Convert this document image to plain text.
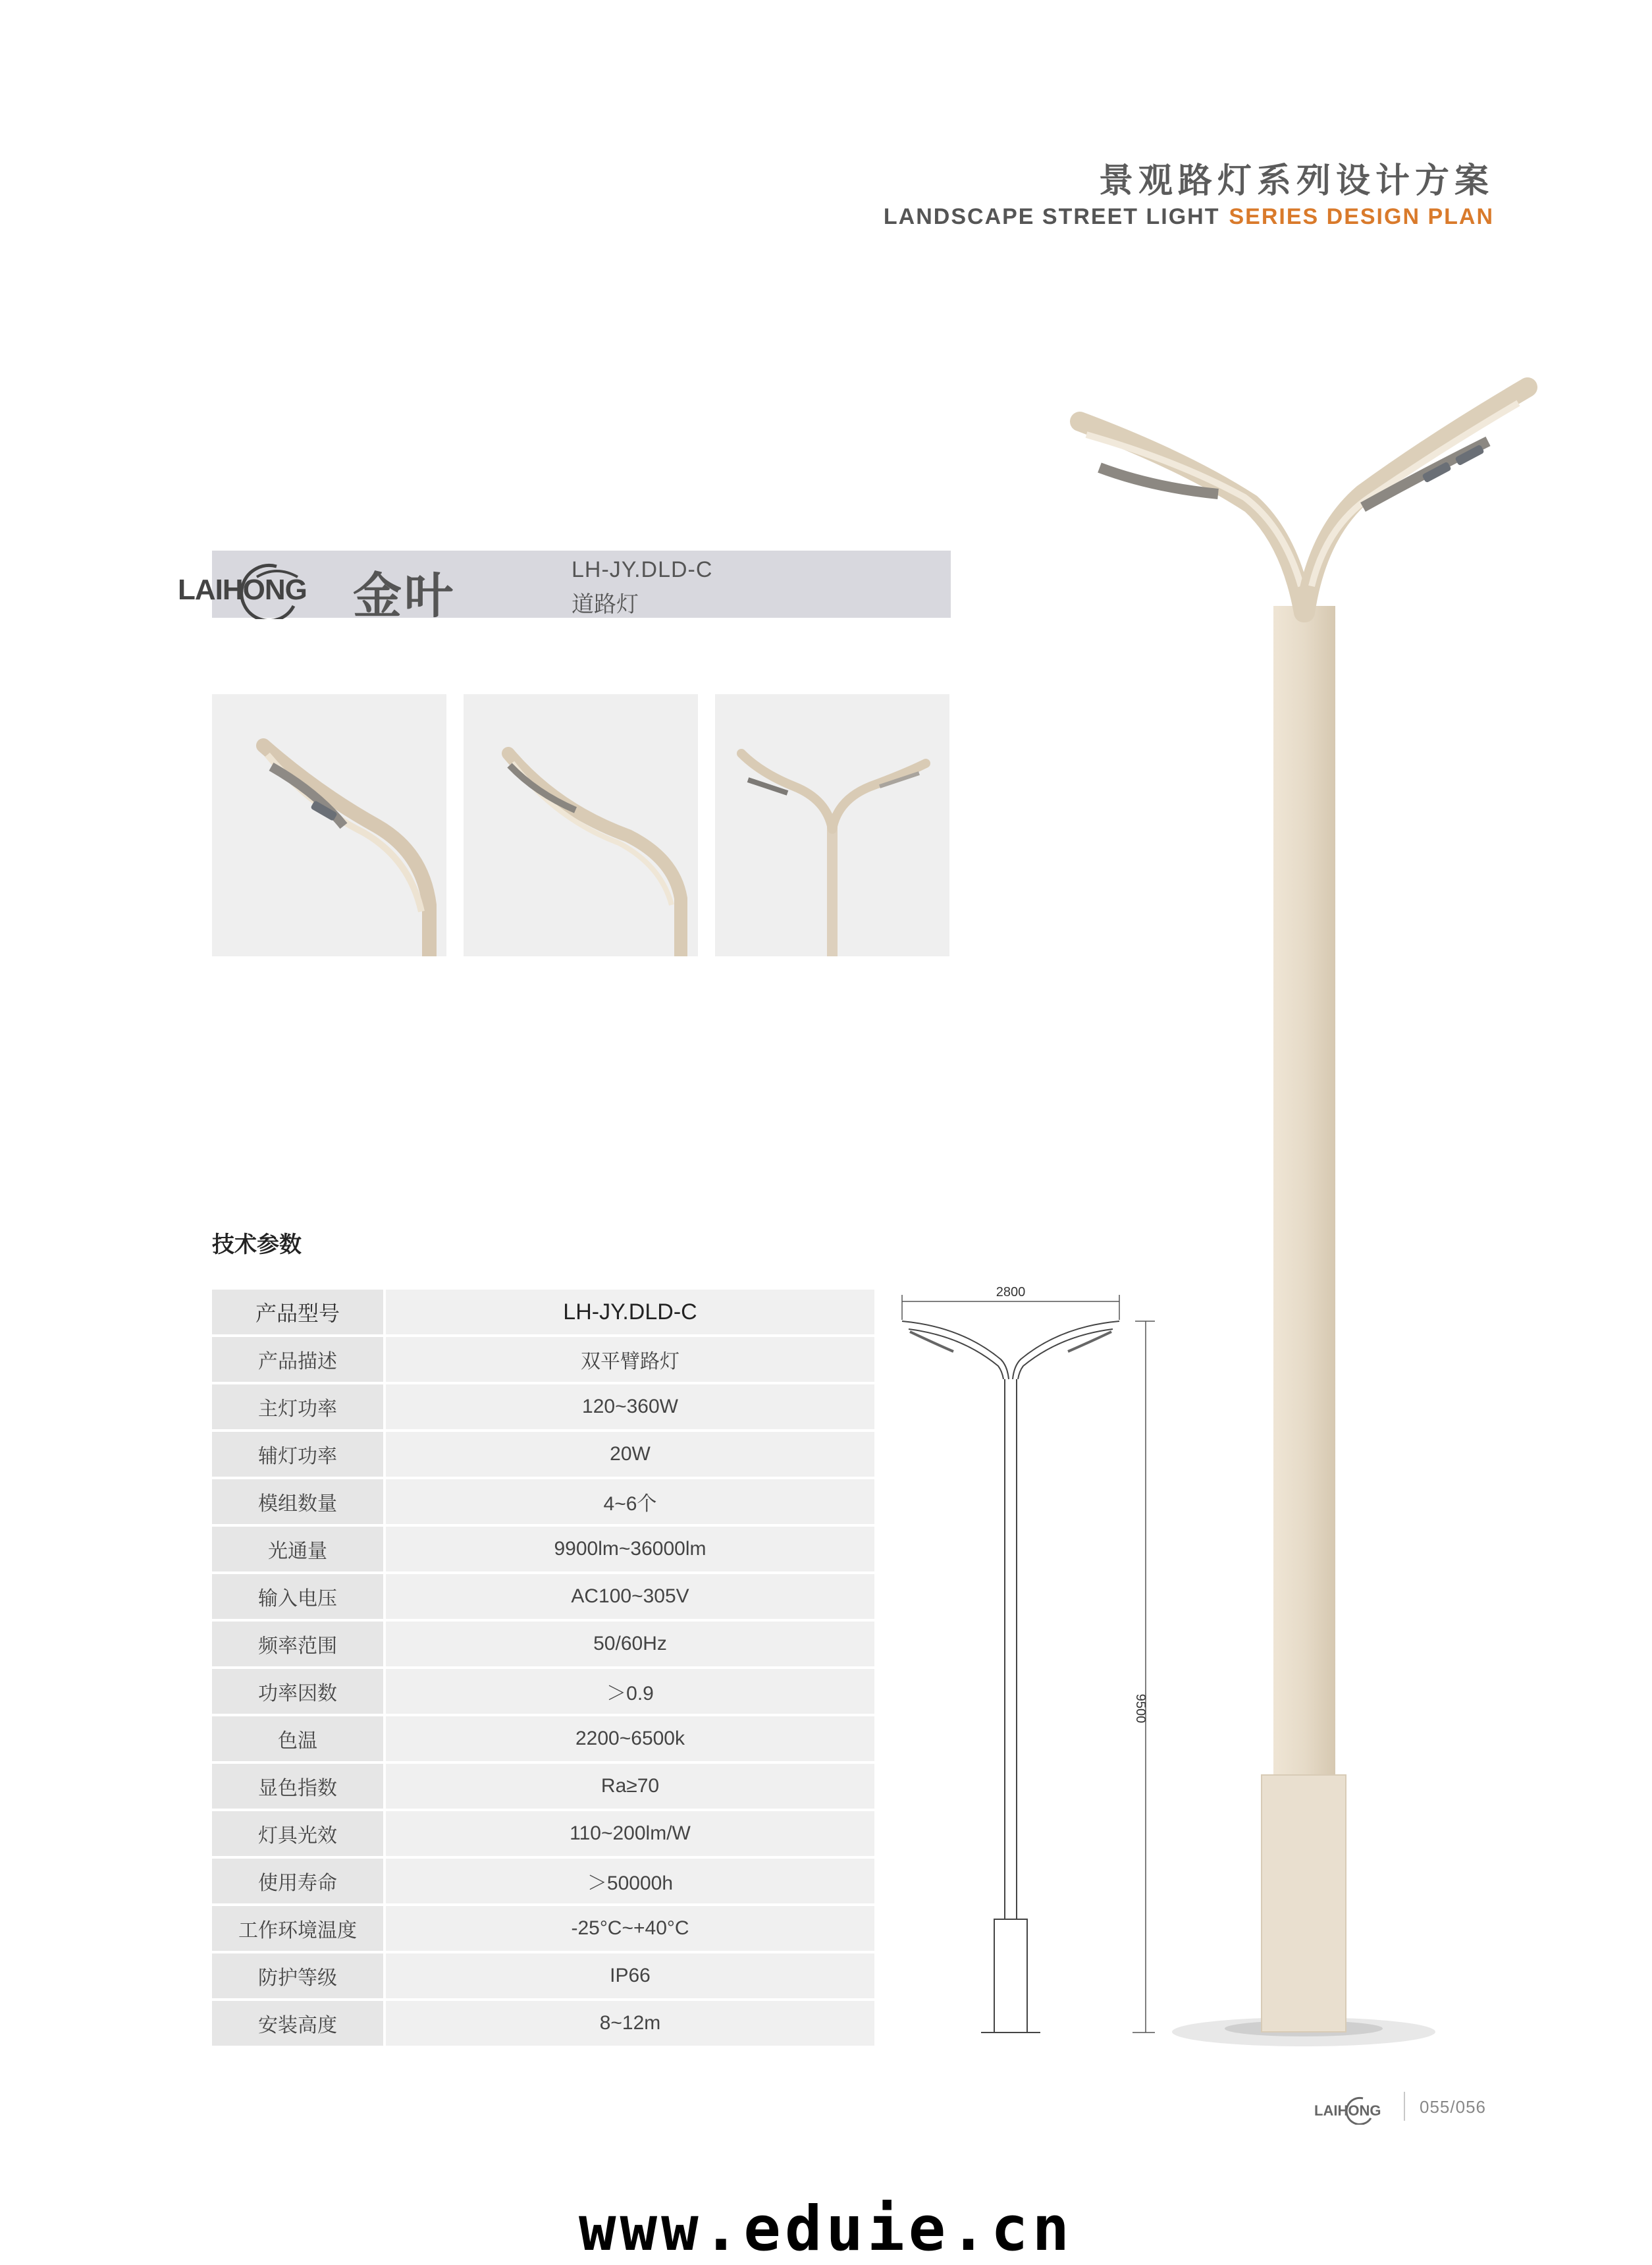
景观路灯系列设计方案
LANDSCAPE STREET LIGHT SERIES DESIGN PLAN
LAIHONG 金叶	LH-JY.DLD-C
道路灯
技术参数
产品型号	LH-JY.DLD-C
产品描述	双平臂路灯
主灯功率	120~360W
辅灯功率	20W
模组数量	4~6个
光通量	9900lm~36000lm
输入电压	AC100~305V
频率范围	50/60Hz
功率因数	＞0.9
色温	2200~6500k
显色指数	Ra≥70
灯具光效	110~200lm/W
使用寿命	＞50000h
工作环境温度	-25°C~+40°C
防护等级	IP66
安装高度	8~12m
2800
9500
LAIHONG 055/056
www.eduie.cn
